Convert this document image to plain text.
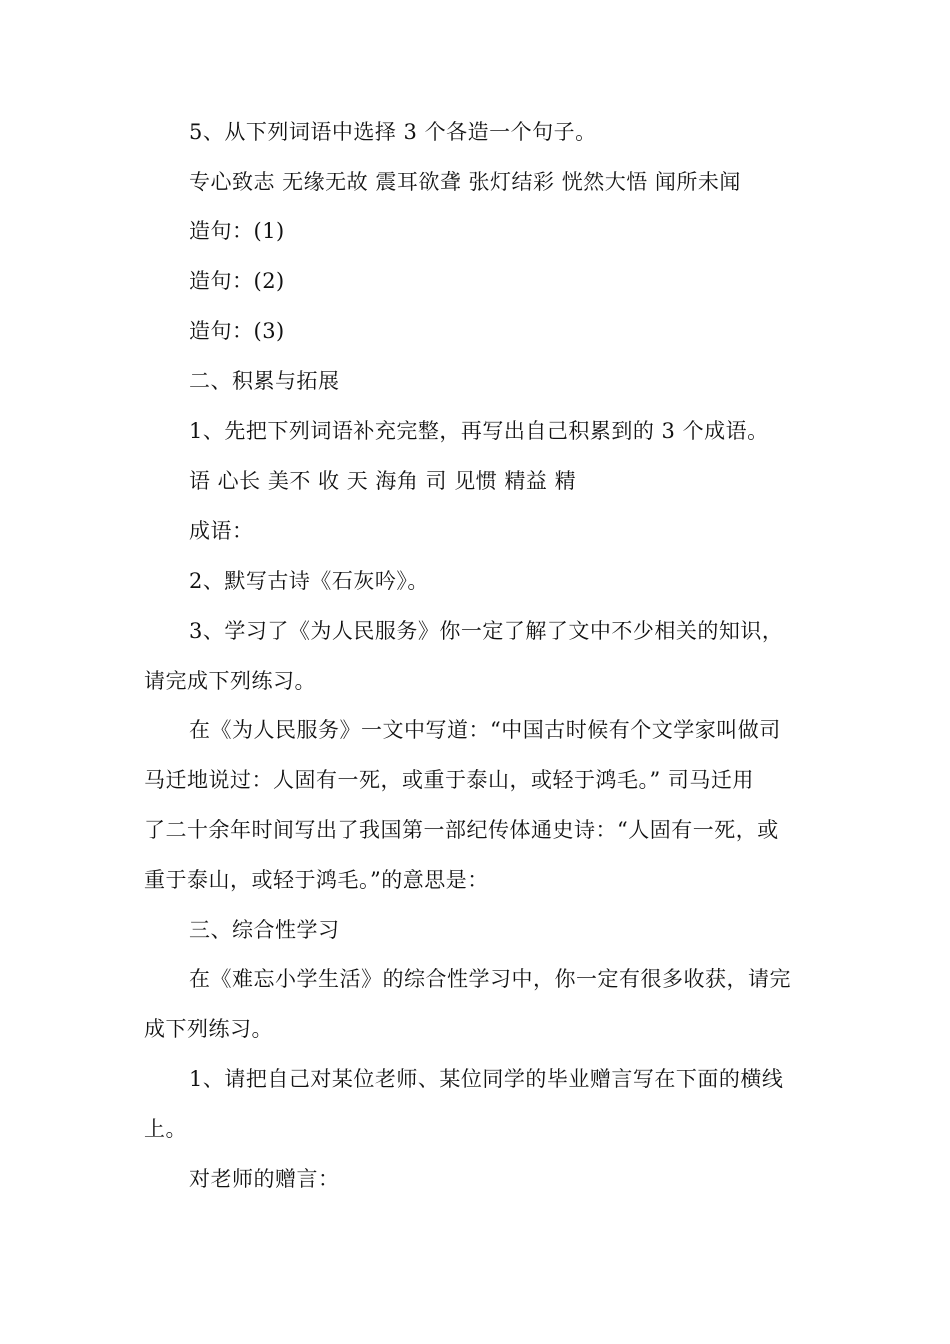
5、从下列词语中选择 3 个各造一个句子。
专心致志 无缘无故 震耳欲聋 张灯结彩 恍然大悟 闻所未闻
造句：(1)
造句：(2)
造句：(3)
二、积累与拓展
1、先把下列词语补充完整，再写出自己积累到的 3 个成语。
语 心长 美不 收 天 海角 司 见惯 精益 精
成语：
2、默写古诗《石灰吟》。
3、学习了《为人民服务》你一定了解了文中不少相关的知识，
请完成下列练习。
在《为人民服务》一文中写道：“中国古时候有个文学家叫做司
马迁地说过：人固有一死，或重于泰山，或轻于鸿毛。” 司马迁用
了二十余年时间写出了我国第一部纪传体通史诗：“人固有一死，或
重于泰山，或轻于鸿毛。”的意思是：
三、综合性学习
在《难忘小学生活》的综合性学习中，你一定有很多收获，请完
成下列练习。
1、请把自己对某位老师、某位同学的毕业赠言写在下面的横线
上。
对老师的赠言：
